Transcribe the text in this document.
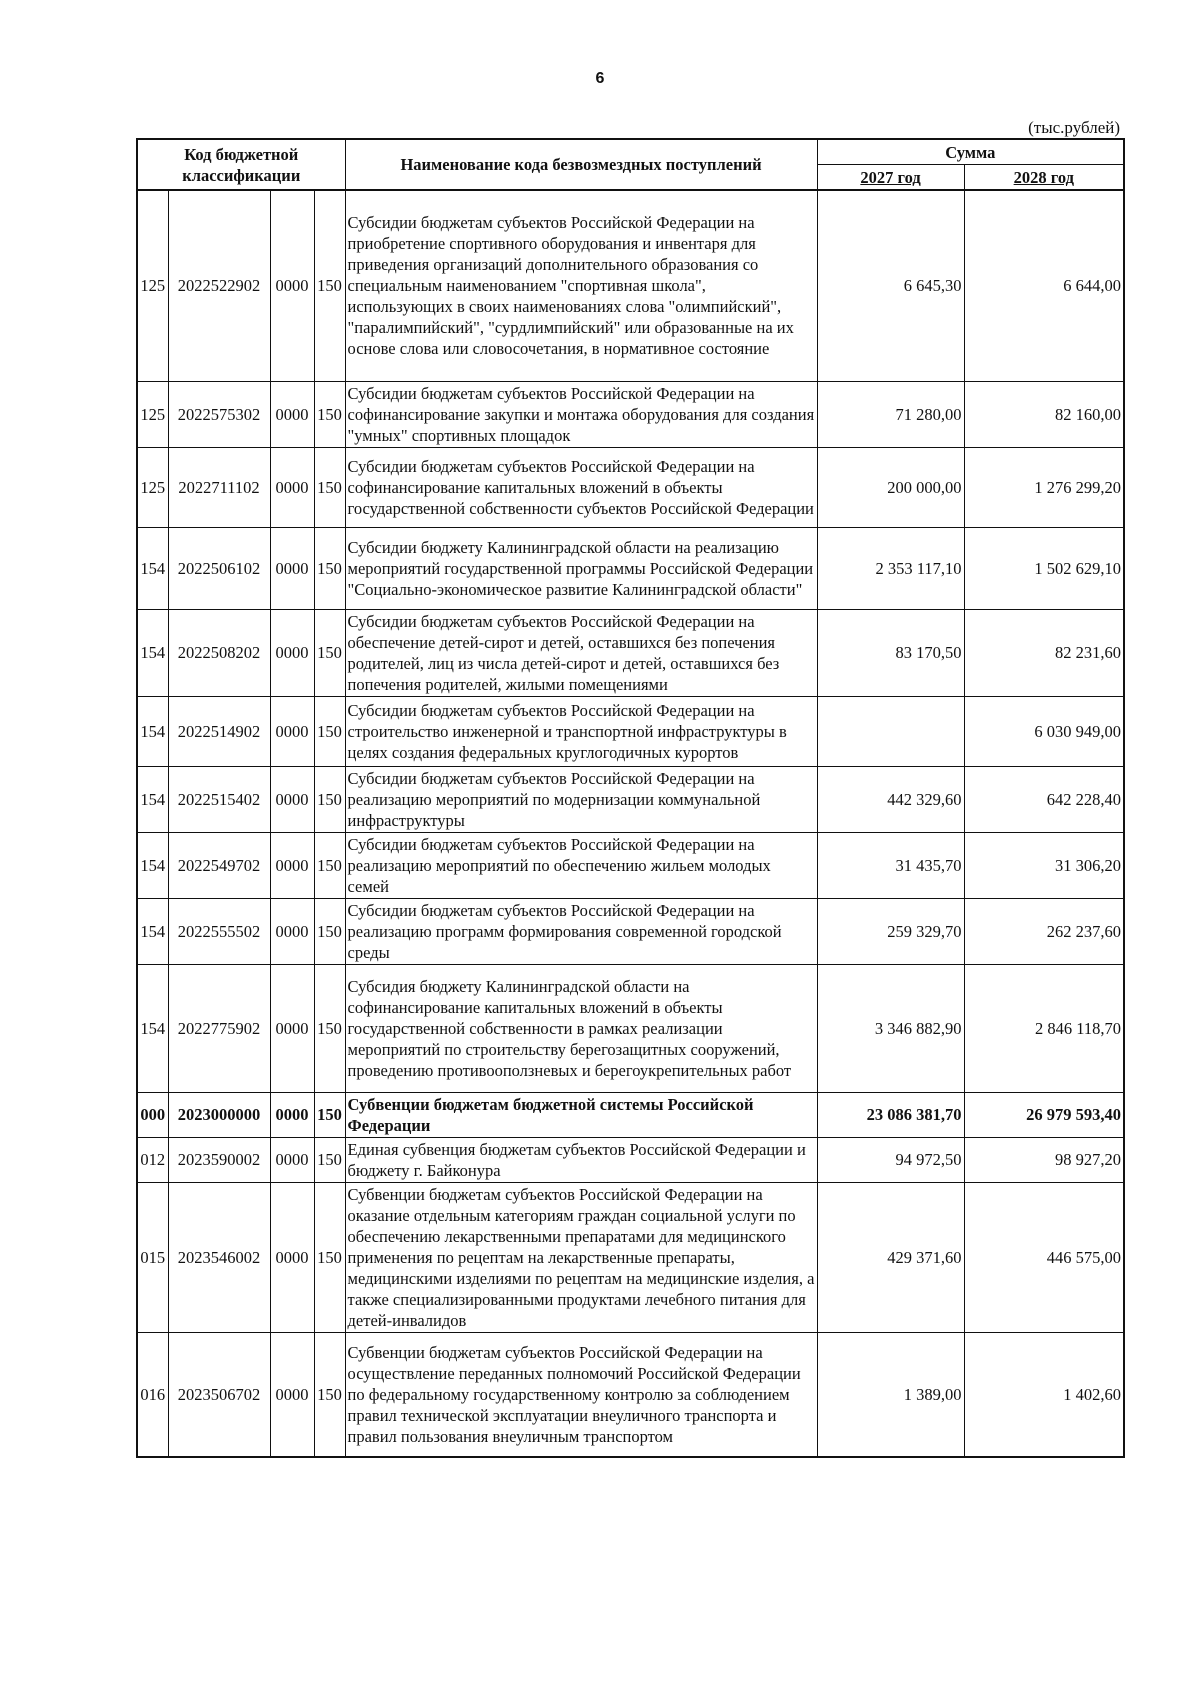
6
(тыс.рублей)
Код бюджетной классификации				Наименование кода безвозмездных поступлений	Сумма	
					2027 год	2028 год
125	2022522902	0000	150	Субсидии бюджетам субъектов Российской Федерации на приобретение спортивного оборудования и инвентаря для приведения организаций дополнительного образования со специальным наименованием "спортивная школа", использующих в своих наименованиях слова "олимпийский", "паралимпийский", "сурдлимпийский" или образованные на их основе слова или словосочетания, в нормативное состояние	6 645,30	6 644,00
125	2022575302	0000	150	Субсидии бюджетам субъектов Российской Федерации на софинансирование закупки и монтажа оборудования для создания "умных" спортивных площадок	71 280,00	82 160,00
125	2022711102	0000	150	Субсидии бюджетам субъектов Российской Федерации на софинансирование капитальных вложений в объекты государственной собственности субъектов Российской Федерации	200 000,00	1 276 299,20
154	2022506102	0000	150	Субсидии бюджету Калининградской области на реализацию мероприятий государственной программы Российской Федерации "Социально-экономическое развитие Калининградской области"	2 353 117,10	1 502 629,10
154	2022508202	0000	150	Субсидии бюджетам субъектов Российской Федерации на обеспечение детей-сирот и детей, оставшихся без попечения родителей, лиц из числа детей-сирот и детей, оставшихся без попечения родителей, жилыми помещениями	83 170,50	82 231,60
154	2022514902	0000	150	Субсидии бюджетам субъектов Российской Федерации на строительство инженерной и транспортной инфраструктуры в целях создания федеральных круглогодичных курортов		6 030 949,00
154	2022515402	0000	150	Субсидии бюджетам субъектов Российской Федерации на реализацию мероприятий по модернизации коммунальной инфраструктуры	442 329,60	642 228,40
154	2022549702	0000	150	Субсидии бюджетам субъектов Российской Федерации на реализацию мероприятий по обеспечению жильем молодых семей	31 435,70	31 306,20
154	2022555502	0000	150	Субсидии бюджетам субъектов Российской Федерации на реализацию программ формирования современной городской среды	259 329,70	262 237,60
154	2022775902	0000	150	Субсидия бюджету Калининградской области на софинансирование капитальных вложений в объекты государственной собственности в рамках реализации мероприятий по строительству берегозащитных сооружений, проведению противооползневых и берегоукрепительных работ	3 346 882,90	2 846 118,70
000	2023000000	0000	150	Субвенции бюджетам бюджетной системы Российской Федерации	23 086 381,70	26 979 593,40
012	2023590002	0000	150	Единая субвенция бюджетам субъектов Российской Федерации и бюджету г. Байконура	94 972,50	98 927,20
015	2023546002	0000	150	Субвенции бюджетам субъектов Российской Федерации на оказание отдельным категориям граждан социальной услуги по обеспечению лекарственными препаратами для медицинского применения по рецептам на лекарственные препараты, медицинскими изделиями по рецептам на медицинские изделия, а также специализированными продуктами лечебного питания для детей-инвалидов	429 371,60	446 575,00
016	2023506702	0000	150	Субвенции бюджетам субъектов Российской Федерации на осуществление переданных полномочий Российской Федерации по федеральному государственному контролю за соблюдением правил технической эксплуатации внеуличного транспорта и правил пользования внеуличным транспортом	1 389,00	1 402,60
